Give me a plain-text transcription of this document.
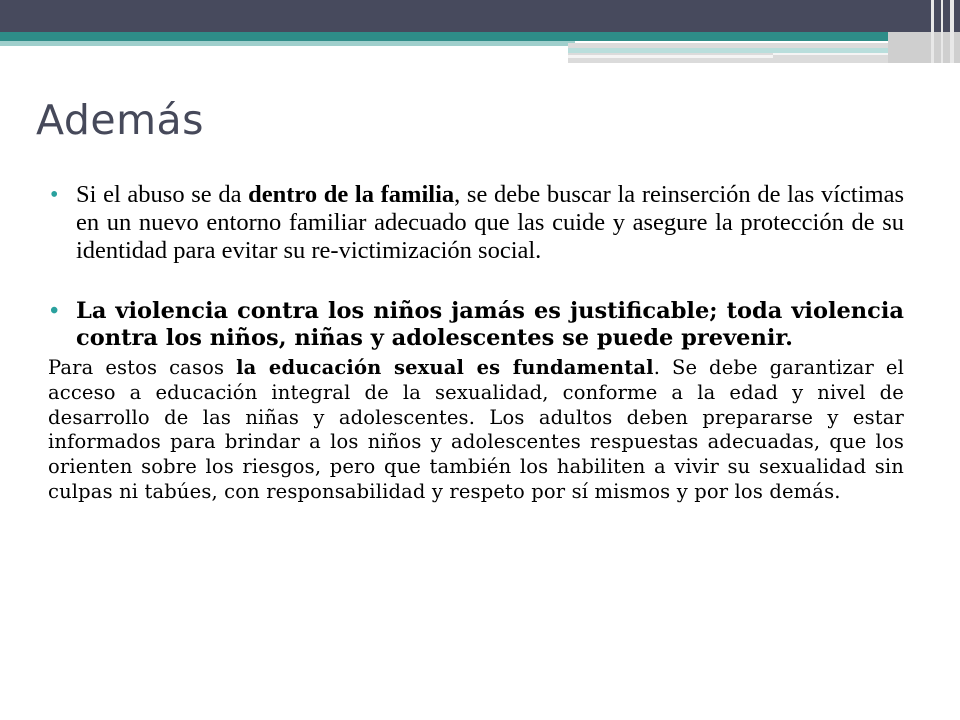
Además

• Si el abuso se da dentro de la familia, se debe buscar la reinserción de las víctimas en un nuevo entorno familiar adecuado que las cuide y asegure la protección de su identidad para evitar su re-victimización social.

• La violencia contra los niños jamás es justificable; toda violencia contra los niños, niñas y adolescentes se puede prevenir.

Para estos casos la educación sexual es fundamental. Se debe garantizar el acceso a educación integral de la sexualidad, conforme a la edad y nivel de desarrollo de las niñas y adolescentes. Los adultos deben prepararse y estar informados para brindar a los niños y adolescentes respuestas adecuadas, que los orienten sobre los riesgos, pero que también los habiliten a vivir su sexualidad sin culpas ni tabúes, con responsabilidad y respeto por sí mismos y por los demás.
